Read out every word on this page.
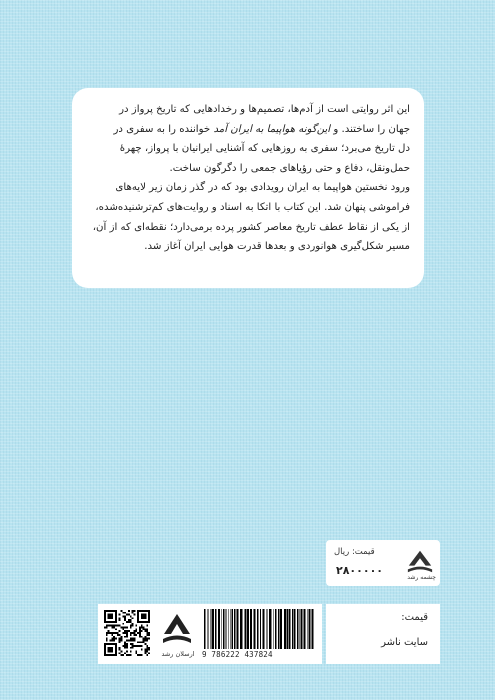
این اثر روایتی است از آدم‌ها، تصمیم‌ها و رخدادهایی که تاریخ پرواز در

جهان را ساختند. و این‌گونه هواپیما به ایران آمد خواننده را به سفری در

دل تاریخ می‌برد؛ سفری به روزهایی که آشنایی ایرانیان با پرواز، چهرهٔ

حمل‌ونقل، دفاع و حتی رؤیاهای جمعی را دگرگون ساخت.

ورود نخستین هواپیما به ایران رویدادی بود که در گذر زمان زیر لایه‌های

فراموشی پنهان شد. این کتاب با اتکا به اسناد و روایت‌های کم‌ترشنیده‌شده،

از یکی از نقاط عطف تاریخ معاصر کشور پرده برمی‌دارد؛ نقطه‌ای که از آن،

مسیر شکل‌گیری هوانوردی و بعدها قدرت هوایی ایران آغاز شد.

چشمه رشد
قیمت: ریال
۲۸۰۰۰۰۰
ارسلان رشد 9 786222 437824
قیمت:
سایت ناشر
